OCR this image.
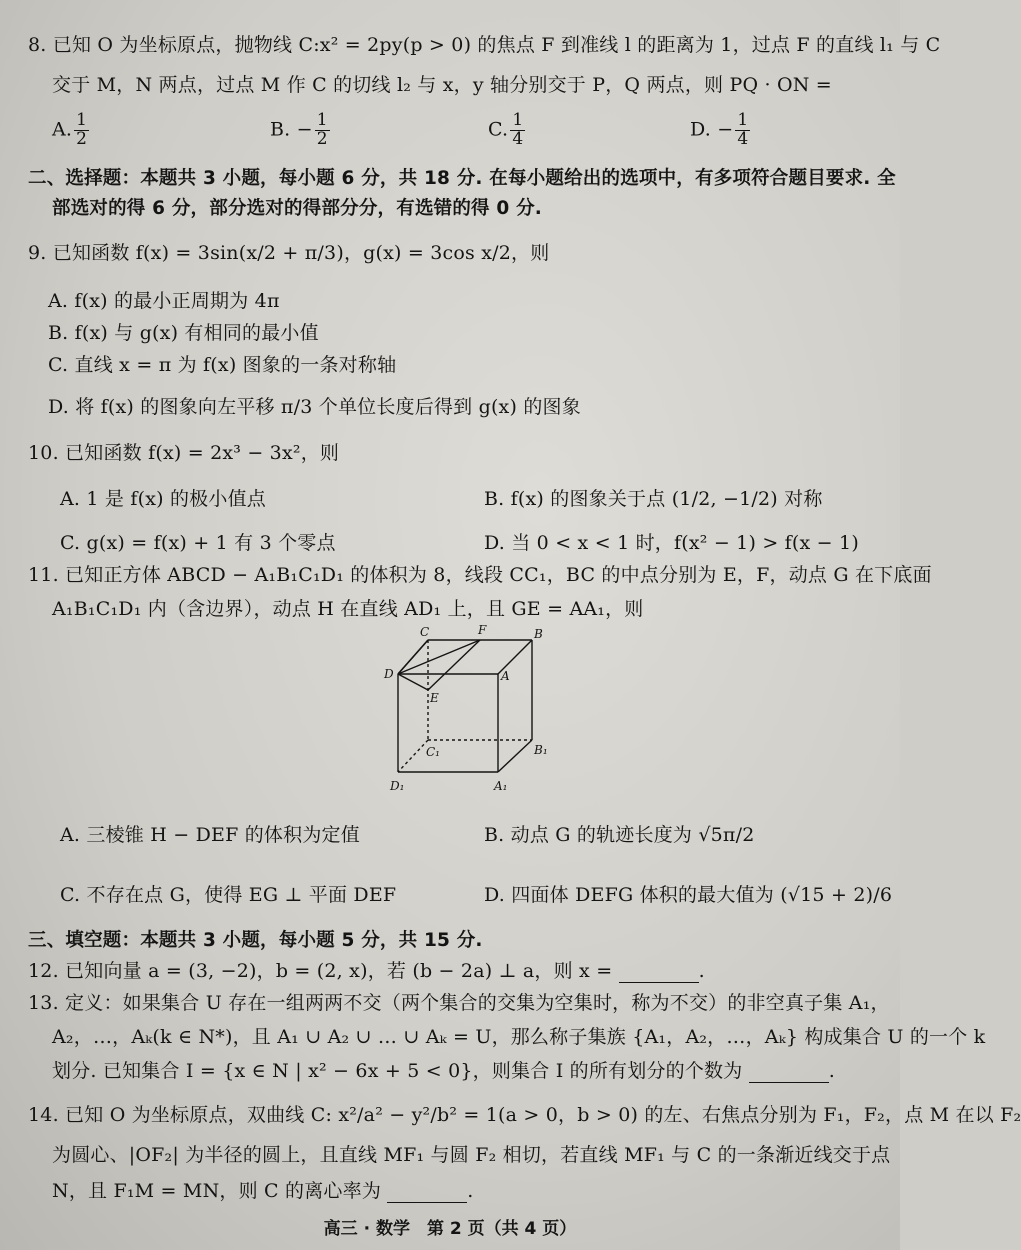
8. 已知 O 为坐标原点，抛物线 C:x² = 2py(p > 0) 的焦点 F 到准线 l 的距离为 1，过点 F 的直线 l₁ 与 C
交于 M，N 两点，过点 M 作 C 的切线 l₂ 与 x，y 轴分别交于 P，Q 两点，则 PQ · ON =
A. $\frac{1}{2}$	B. − $\frac{1}{2}$	C. $\frac{1}{4}$	D. − $\frac{1}{4}$
二、选择题：本题共 3 小题，每小题 6 分，共 18 分. 在每小题给出的选项中，有多项符合题目要求. 全
部选对的得 6 分，部分选对的得部分分，有选错的得 0 分.
9. 已知函数 f(x) = 3sin(x/2 + π/3)，g(x) = 3cos x/2，则
A. f(x) 的最小正周期为 4π
B. f(x) 与 g(x) 有相同的最小值
C. 直线 x = π 为 f(x) 图象的一条对称轴
D. 将 f(x) 的图象向左平移 π/3 个单位长度后得到 g(x) 的图象
10. 已知函数 f(x) = 2x³ − 3x²，则
A. 1 是 f(x) 的极小值点	B. f(x) 的图象关于点 (1/2, −1/2) 对称
C. g(x) = f(x) + 1 有 3 个零点	D. 当 0 < x < 1 时，f(x² − 1) > f(x − 1)
11. 已知正方体 ABCD − A₁B₁C₁D₁ 的体积为 8，线段 CC₁，BC 的中点分别为 E，F，动点 G 在下底面
A₁B₁C₁D₁ 内（含边界），动点 H 在直线 AD₁ 上，且 GE = AA₁，则
C	F	B
D	A
E
C₁	B₁
D₁	A₁
A. 三棱锥 H − DEF 的体积为定值	B. 动点 G 的轨迹长度为 √5π/2
C. 不存在点 G，使得 EG ⊥ 平面 DEF	D. 四面体 DEFG 体积的最大值为 (√15 + 2)/6
三、填空题：本题共 3 小题，每小题 5 分，共 15 分.
12. 已知向量 a = (3, −2)，b = (2, x)，若 (b − 2a) ⊥ a，则 x =	.
13. 定义：如果集合 U 存在一组两两不交（两个集合的交集为空集时，称为不交）的非空真子集 A₁，
A₂，…，Aₖ(k ∈ N*)，且 A₁ ∪ A₂ ∪ … ∪ Aₖ = U，那么称子集族 {A₁，A₂，…，Aₖ} 构成集合 U 的一个 k
划分. 已知集合 I = {x ∈ N | x² − 6x + 5 < 0}，则集合 I 的所有划分的个数为	.
14. 已知 O 为坐标原点，双曲线 C: x²/a² − y²/b² = 1(a > 0，b > 0) 的左、右焦点分别为 F₁，F₂，点 M 在以 F₂
为圆心、|OF₂| 为半径的圆上，且直线 MF₁ 与圆 F₂ 相切，若直线 MF₁ 与 C 的一条渐近线交于点
N，且 F₁M = MN，则 C 的离心率为	.
高三 · 数学　第 2 页（共 4 页）
